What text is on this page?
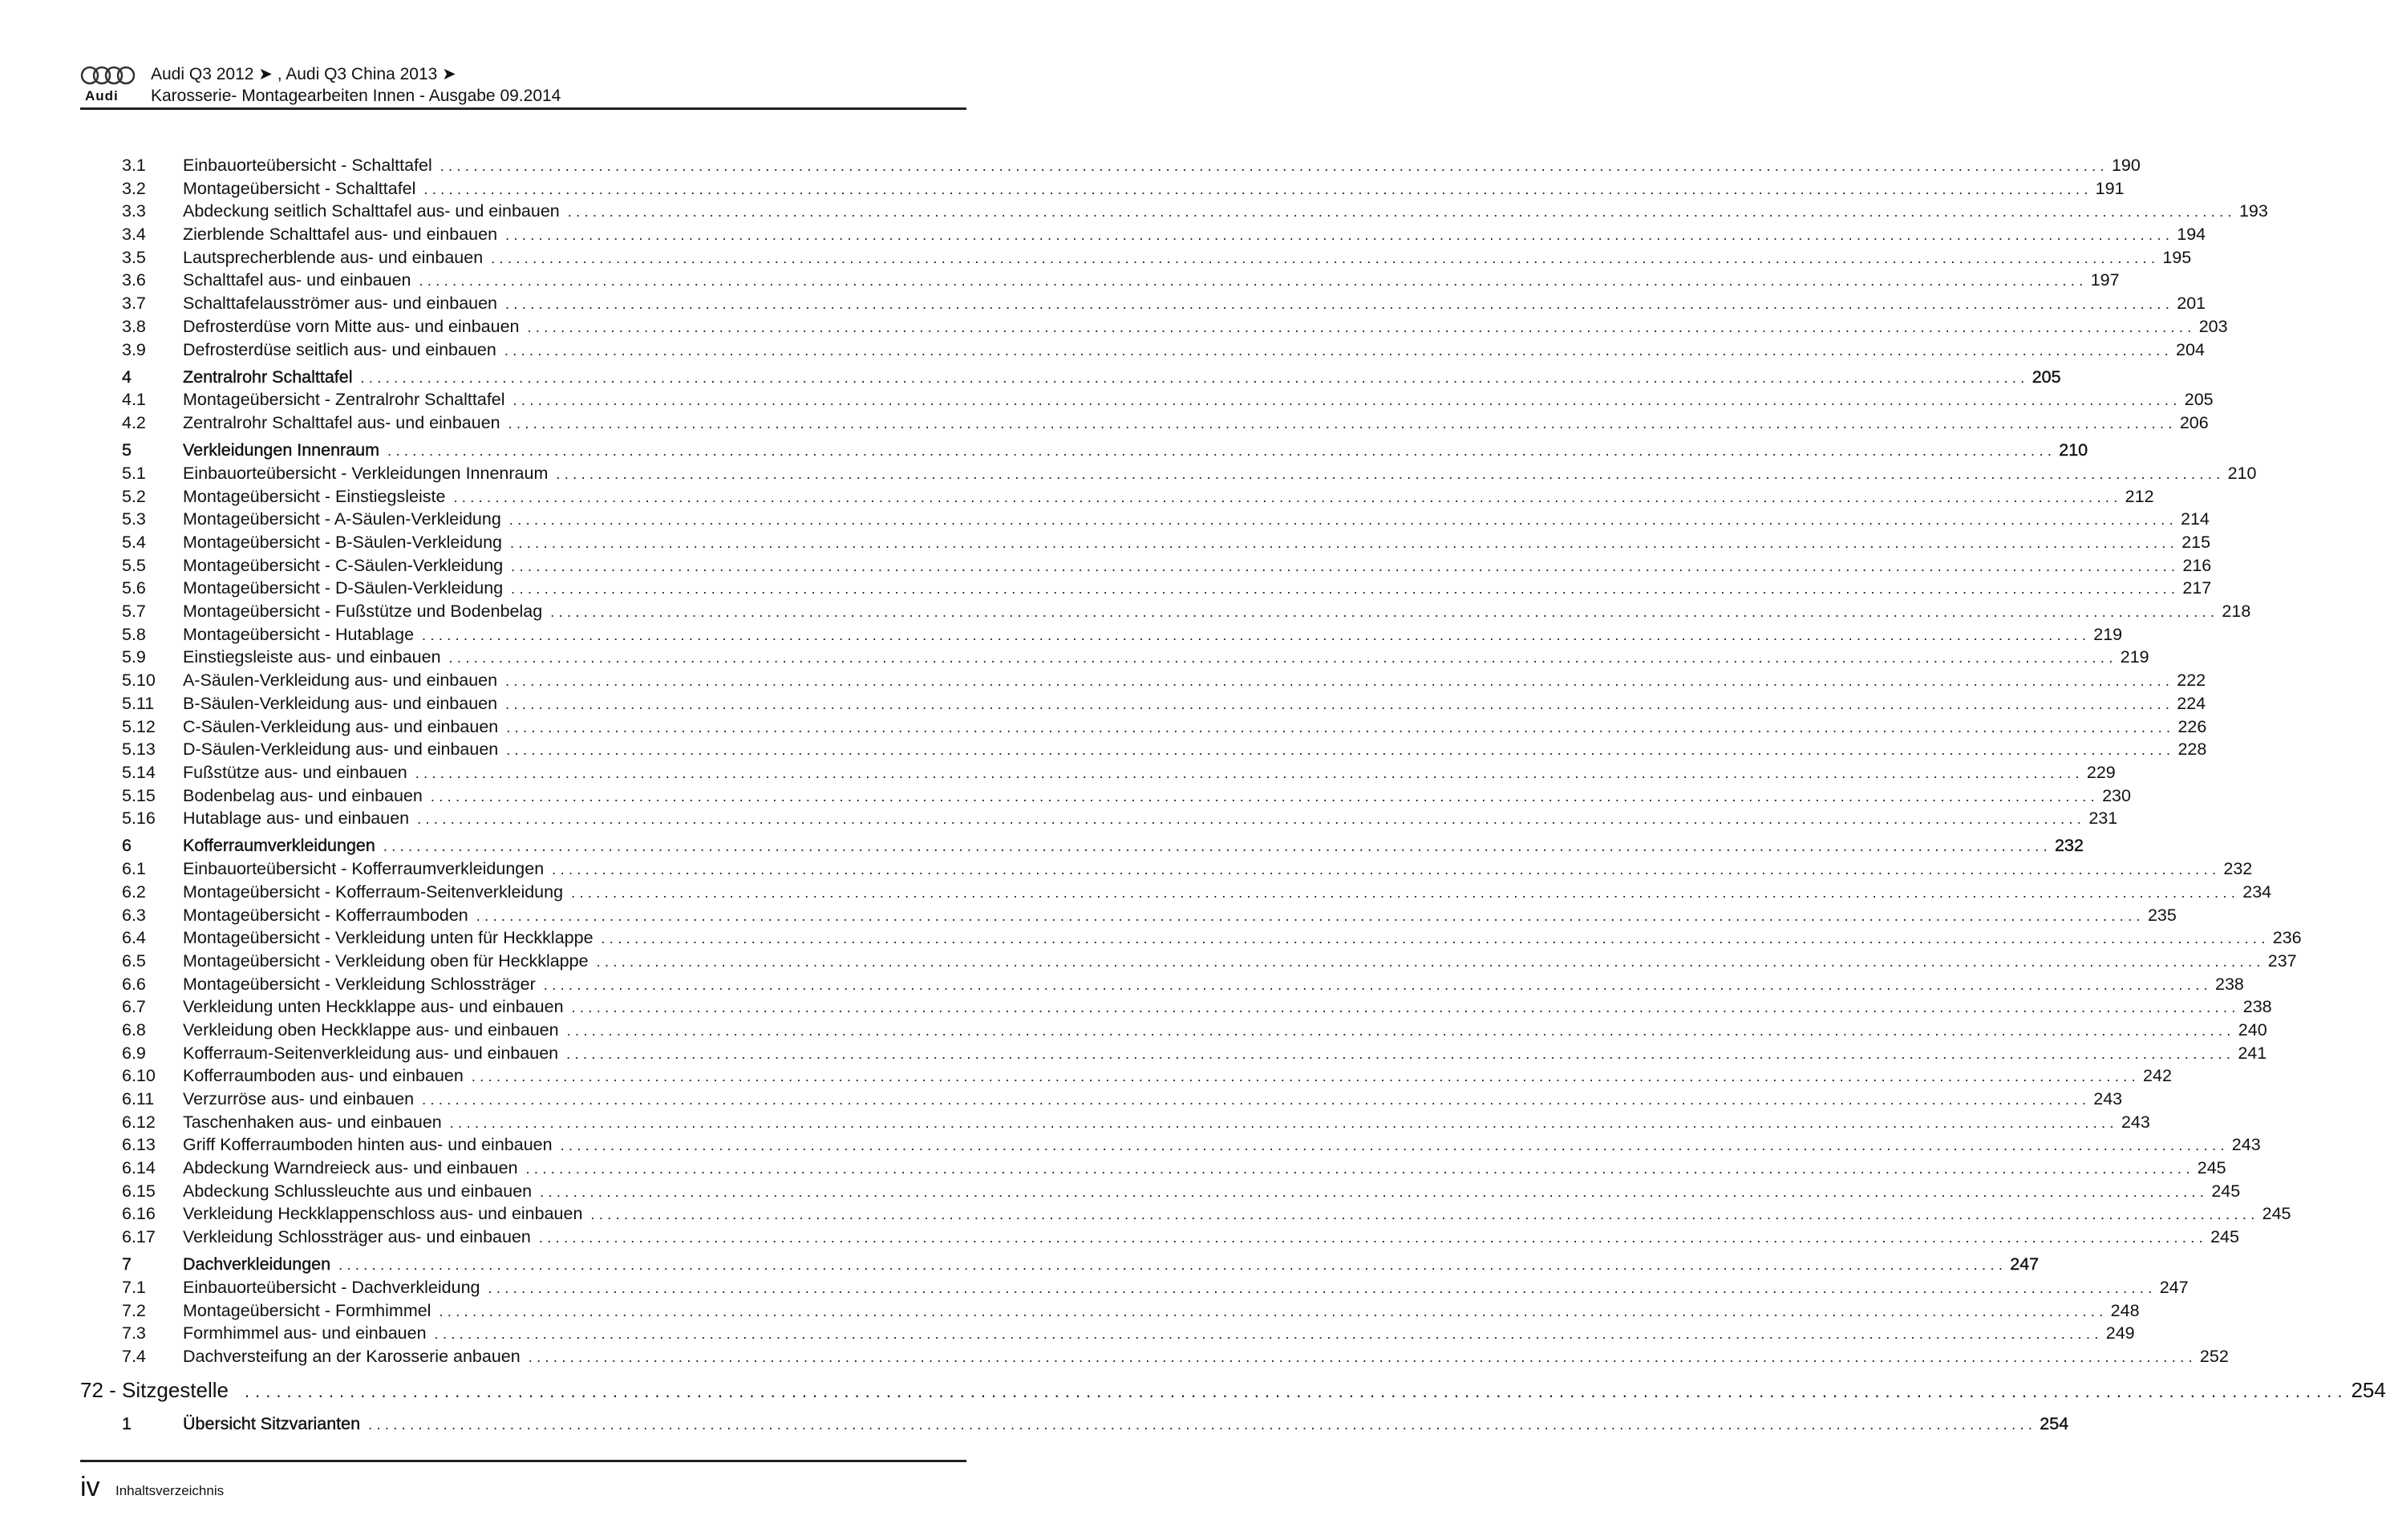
Audi
Audi Q3 2012 ➤ , Audi Q3 China 2013 ➤
Karosserie- Montagearbeiten Innen - Ausgabe 09.2014
3.1	Einbauorteübersicht - Schalttafel ........................................................................................................................................................................................................ 190
3.2	Montageübersicht - Schalttafel ........................................................................................................................................................................................................ 191
3.3	Abdeckung seitlich Schalttafel aus- und einbauen ........................................................................................................................................................................................................ 193
3.4	Zierblende Schalttafel aus- und einbauen ........................................................................................................................................................................................................ 194
3.5	Lautsprecherblende aus- und einbauen ........................................................................................................................................................................................................ 195
3.6	Schalttafel aus- und einbauen ........................................................................................................................................................................................................ 197
3.7	Schalttafelausströmer aus- und einbauen ........................................................................................................................................................................................................ 201
3.8	Defrosterdüse vorn Mitte aus- und einbauen ........................................................................................................................................................................................................ 203
3.9	Defrosterdüse seitlich aus- und einbauen ........................................................................................................................................................................................................ 204
4	Zentralrohr Schalttafel ........................................................................................................................................................................................................ 205
4.1	Montageübersicht - Zentralrohr Schalttafel ........................................................................................................................................................................................................ 205
4.2	Zentralrohr Schalttafel aus- und einbauen ........................................................................................................................................................................................................ 206
5	Verkleidungen Innenraum ........................................................................................................................................................................................................ 210
5.1	Einbauorteübersicht - Verkleidungen Innenraum ........................................................................................................................................................................................................ 210
5.2	Montageübersicht - Einstiegsleiste ........................................................................................................................................................................................................ 212
5.3	Montageübersicht - A-Säulen-Verkleidung ........................................................................................................................................................................................................ 214
5.4	Montageübersicht - B-Säulen-Verkleidung ........................................................................................................................................................................................................ 215
5.5	Montageübersicht - C-Säulen-Verkleidung ........................................................................................................................................................................................................ 216
5.6	Montageübersicht - D-Säulen-Verkleidung ........................................................................................................................................................................................................ 217
5.7	Montageübersicht - Fußstütze und Bodenbelag ........................................................................................................................................................................................................ 218
5.8	Montageübersicht - Hutablage ........................................................................................................................................................................................................ 219
5.9	Einstiegsleiste aus- und einbauen ........................................................................................................................................................................................................ 219
5.10	A-Säulen-Verkleidung aus- und einbauen ........................................................................................................................................................................................................ 222
5.11	B-Säulen-Verkleidung aus- und einbauen ........................................................................................................................................................................................................ 224
5.12	C-Säulen-Verkleidung aus- und einbauen ........................................................................................................................................................................................................ 226
5.13	D-Säulen-Verkleidung aus- und einbauen ........................................................................................................................................................................................................ 228
5.14	Fußstütze aus- und einbauen ........................................................................................................................................................................................................ 229
5.15	Bodenbelag aus- und einbauen ........................................................................................................................................................................................................ 230
5.16	Hutablage aus- und einbauen ........................................................................................................................................................................................................ 231
6	Kofferraumverkleidungen ........................................................................................................................................................................................................ 232
6.1	Einbauorteübersicht - Kofferraumverkleidungen ........................................................................................................................................................................................................ 232
6.2	Montageübersicht - Kofferraum-Seitenverkleidung ........................................................................................................................................................................................................ 234
6.3	Montageübersicht - Kofferraumboden ........................................................................................................................................................................................................ 235
6.4	Montageübersicht - Verkleidung unten für Heckklappe ........................................................................................................................................................................................................ 236
6.5	Montageübersicht - Verkleidung oben für Heckklappe ........................................................................................................................................................................................................ 237
6.6	Montageübersicht - Verkleidung Schlossträger ........................................................................................................................................................................................................ 238
6.7	Verkleidung unten Heckklappe aus- und einbauen ........................................................................................................................................................................................................ 238
6.8	Verkleidung oben Heckklappe aus- und einbauen ........................................................................................................................................................................................................ 240
6.9	Kofferraum-Seitenverkleidung aus- und einbauen ........................................................................................................................................................................................................ 241
6.10	Kofferraumboden aus- und einbauen ........................................................................................................................................................................................................ 242
6.11	Verzurröse aus- und einbauen ........................................................................................................................................................................................................ 243
6.12	Taschenhaken aus- und einbauen ........................................................................................................................................................................................................ 243
6.13	Griff Kofferraumboden hinten aus- und einbauen ........................................................................................................................................................................................................ 243
6.14	Abdeckung Warndreieck aus- und einbauen ........................................................................................................................................................................................................ 245
6.15	Abdeckung Schlussleuchte aus und einbauen ........................................................................................................................................................................................................ 245
6.16	Verkleidung Heckklappenschloss aus- und einbauen ........................................................................................................................................................................................................ 245
6.17	Verkleidung Schlossträger aus- und einbauen ........................................................................................................................................................................................................ 245
7	Dachverkleidungen ........................................................................................................................................................................................................ 247
7.1	Einbauorteübersicht - Dachverkleidung ........................................................................................................................................................................................................ 247
7.2	Montageübersicht - Formhimmel ........................................................................................................................................................................................................ 248
7.3	Formhimmel aus- und einbauen ........................................................................................................................................................................................................ 249
7.4	Dachversteifung an der Karosserie anbauen ........................................................................................................................................................................................................ 252
72 - Sitzgestelle ........................................................................................................................................................................................................ 254
1	Übersicht Sitzvarianten ........................................................................................................................................................................................................ 254
iv Inhaltsverzeichnis
